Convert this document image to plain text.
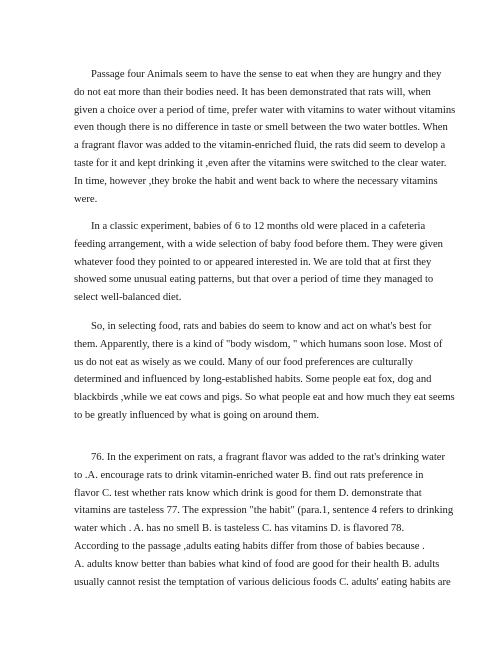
Passage four Animals seem to have the sense to eat when they are hungry and they
do not eat more than their bodies need. It has been demonstrated that rats will, when
given a choice over a period of time, prefer water with vitamins to water without vitamins
even though there is no difference in taste or smell between the two water bottles. When
a fragrant flavor was added to the vitamin-enriched fluid, the rats did seem to develop a
taste for it and kept drinking it ,even after the vitamins were switched to the clear water.
In time, however ,they broke the habit and went back to where the necessary vitamins
were.

In a classic experiment, babies of 6 to 12 months old were placed in a cafeteria
feeding arrangement, with a wide selection of baby food before them. They were given
whatever food they pointed to or appeared interested in. We are told that at first they
showed some unusual eating patterns, but that over a period of time they managed to
select well-balanced diet.

So, in selecting food, rats and babies do seem to know and act on what's best for
them. Apparently, there is a kind of "body wisdom, " which humans soon lose. Most of
us do not eat as wisely as we could. Many of our food preferences are culturally
determined and influenced by long-established habits. Some people eat fox, dog and
blackbirds ,while we eat cows and pigs. So what people eat and how much they eat seems
to be greatly influenced by what is going on around them.

76. In the experiment on rats, a fragrant flavor was added to the rat's drinking water
to .A. encourage rats to drink vitamin-enriched water B. find out rats preference in
flavor C. test whether rats know which drink is good for them D. demonstrate that
vitamins are tasteless 77. The expression "the habit" (para.1, sentence 4 refers to drinking
water which . A. has no smell B. is tasteless C. has vitamins D. is flavored 78.
According to the passage ,adults eating habits differ from those of babies because .
A. adults know better than babies what kind of food are good for their health B. adults
usually cannot resist the temptation of various delicious foods C. adults' eating habits are
